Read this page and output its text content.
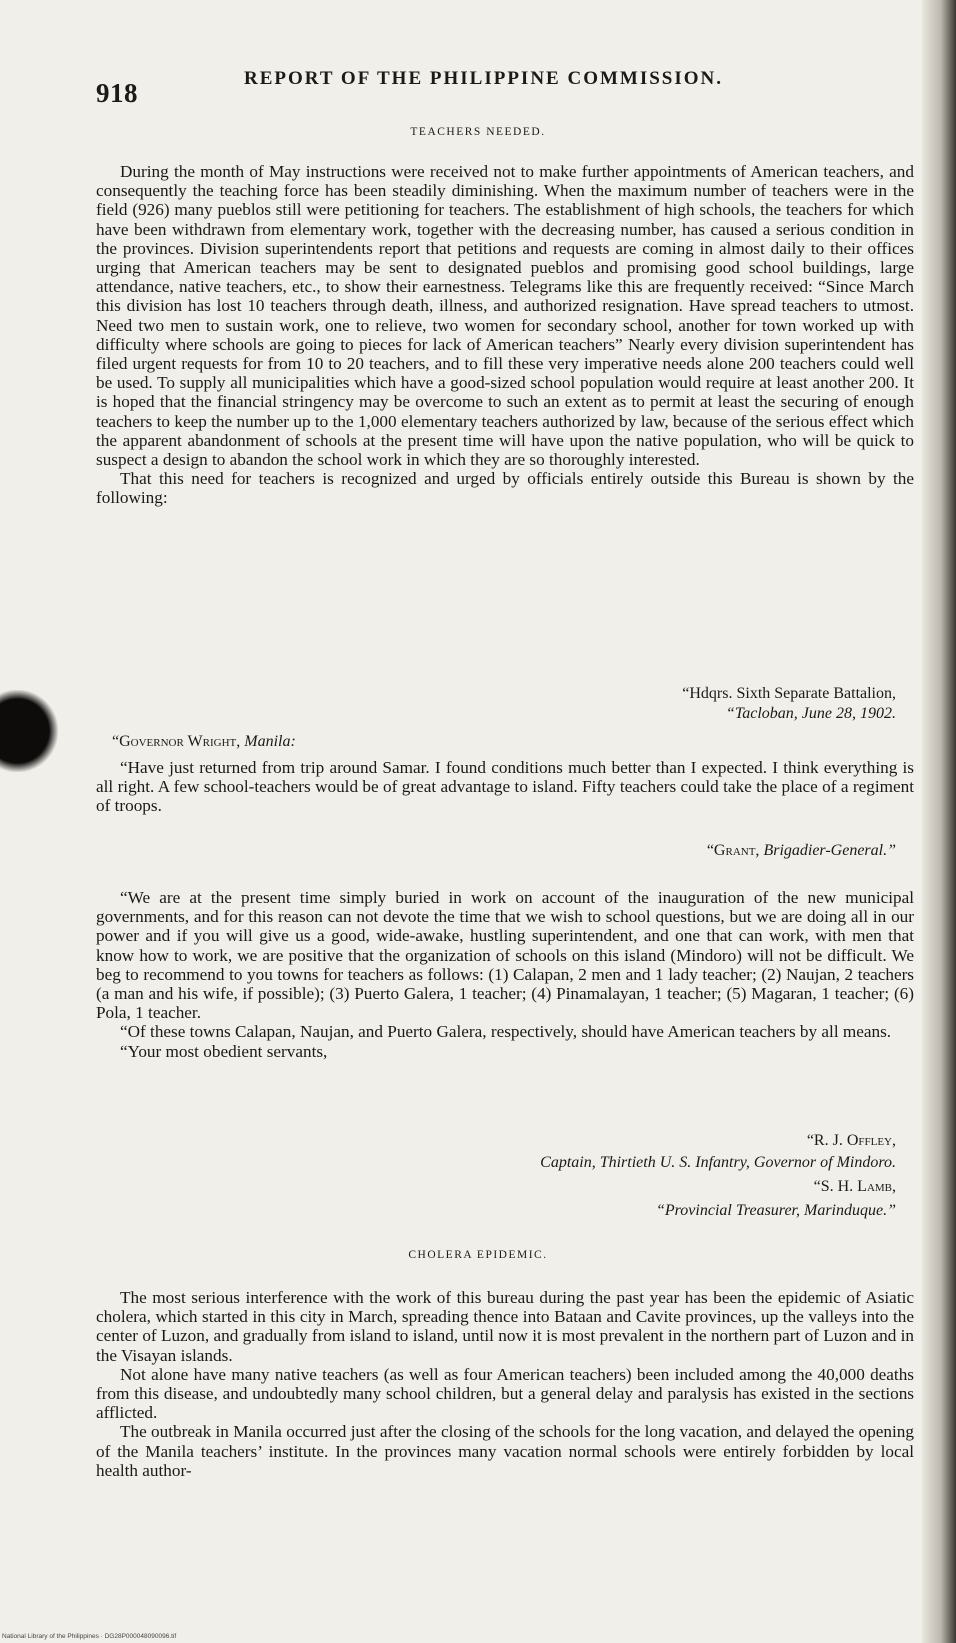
918	REPORT OF THE PHILIPPINE COMMISSION.
TEACHERS NEEDED.

During the month of May instructions were received not to make further appointments of American teachers, and consequently the teaching force has been steadily diminishing. When the maximum number of teachers were in the field (926) many pueblos still were petitioning for teachers. The establishment of high schools, the teachers for which have been withdrawn from elementary work, together with the decreasing number, has caused a serious condition in the provinces. Division superintendents report that petitions and requests are coming in almost daily to their offices urging that American teachers may be sent to designated pueblos and promising good school buildings, large attendance, native teachers, etc., to show their earnestness. Telegrams like this are frequently received: “Since March this division has lost 10 teachers through death, illness, and authorized resignation. Have spread teachers to utmost. Need two men to sustain work, one to relieve, two women for secondary school, another for town worked up with difficulty where schools are going to pieces for lack of American teachers” Nearly every division superintendent has filed urgent requests for from 10 to 20 teachers, and to fill these very imperative needs alone 200 teachers could well be used. To supply all municipalities which have a good-sized school population would require at least another 200. It is hoped that the financial stringency may be overcome to such an extent as to permit at least the securing of enough teachers to keep the number up to the 1,000 elementary teachers authorized by law, because of the serious effect which the apparent abandonment of schools at the present time will have upon the native population, who will be quick to suspect a design to abandon the school work in which they are so thoroughly interested.

That this need for teachers is recognized and urged by officials entirely outside this Bureau is shown by the following:

“Hdqrs. Sixth Separate Battalion,
“Tacloban, June 28, 1902.
“Governor Wright, Manila:

“Have just returned from trip around Samar. I found conditions much better than I expected. I think everything is all right. A few school-teachers would be of great advantage to island. Fifty teachers could take the place of a regiment of troops.

“Grant, Brigadier-General.”

“We are at the present time simply buried in work on account of the inauguration of the new municipal governments, and for this reason can not devote the time that we wish to school questions, but we are doing all in our power and if you will give us a good, wide-awake, hustling superintendent, and one that can work, with men that know how to work, we are positive that the organization of schools on this island (Mindoro) will not be difficult. We beg to recommend to you towns for teachers as follows: (1) Calapan, 2 men and 1 lady teacher; (2) Naujan, 2 teachers (a man and his wife, if possible); (3) Puerto Galera, 1 teacher; (4) Pinamalayan, 1 teacher; (5) Magaran, 1 teacher; (6) Pola, 1 teacher.

“Of these towns Calapan, Naujan, and Puerto Galera, respectively, should have American teachers by all means.

“Your most obedient servants,

“R. J. Offley,
Captain, Thirtieth U. S. Infantry, Governor of Mindoro.
“S. H. Lamb,
“Provincial Treasurer, Marinduque.”
CHOLERA EPIDEMIC.

The most serious interference with the work of this bureau during the past year has been the epidemic of Asiatic cholera, which started in this city in March, spreading thence into Bataan and Cavite provinces, up the valleys into the center of Luzon, and gradually from island to island, until now it is most prevalent in the northern part of Luzon and in the Visayan islands.

Not alone have many native teachers (as well as four American teachers) been included among the 40,000 deaths from this disease, and undoubtedly many school children, but a general delay and paralysis has existed in the sections afflicted.

The outbreak in Manila occurred just after the closing of the schools for the long vacation, and delayed the opening of the Manila teachers’ institute. In the provinces many vacation normal schools were entirely forbidden by local health author-

National Library of the Philippines · DG28P000048090096.tif
